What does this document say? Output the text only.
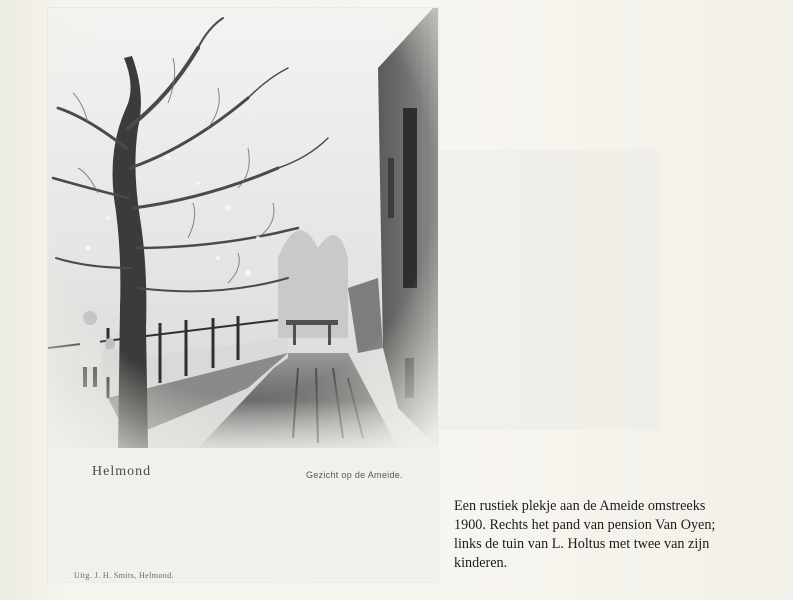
Helmond	Gezicht op de Ameide.
Uitg. J. H. Smits, Helmond.
Een rustiek plekje aan de Ameide omstreeks
1900. Rechts het pand van pension Van Oyen;
links de tuin van L. Holtus met twee van zijn
kinderen.
